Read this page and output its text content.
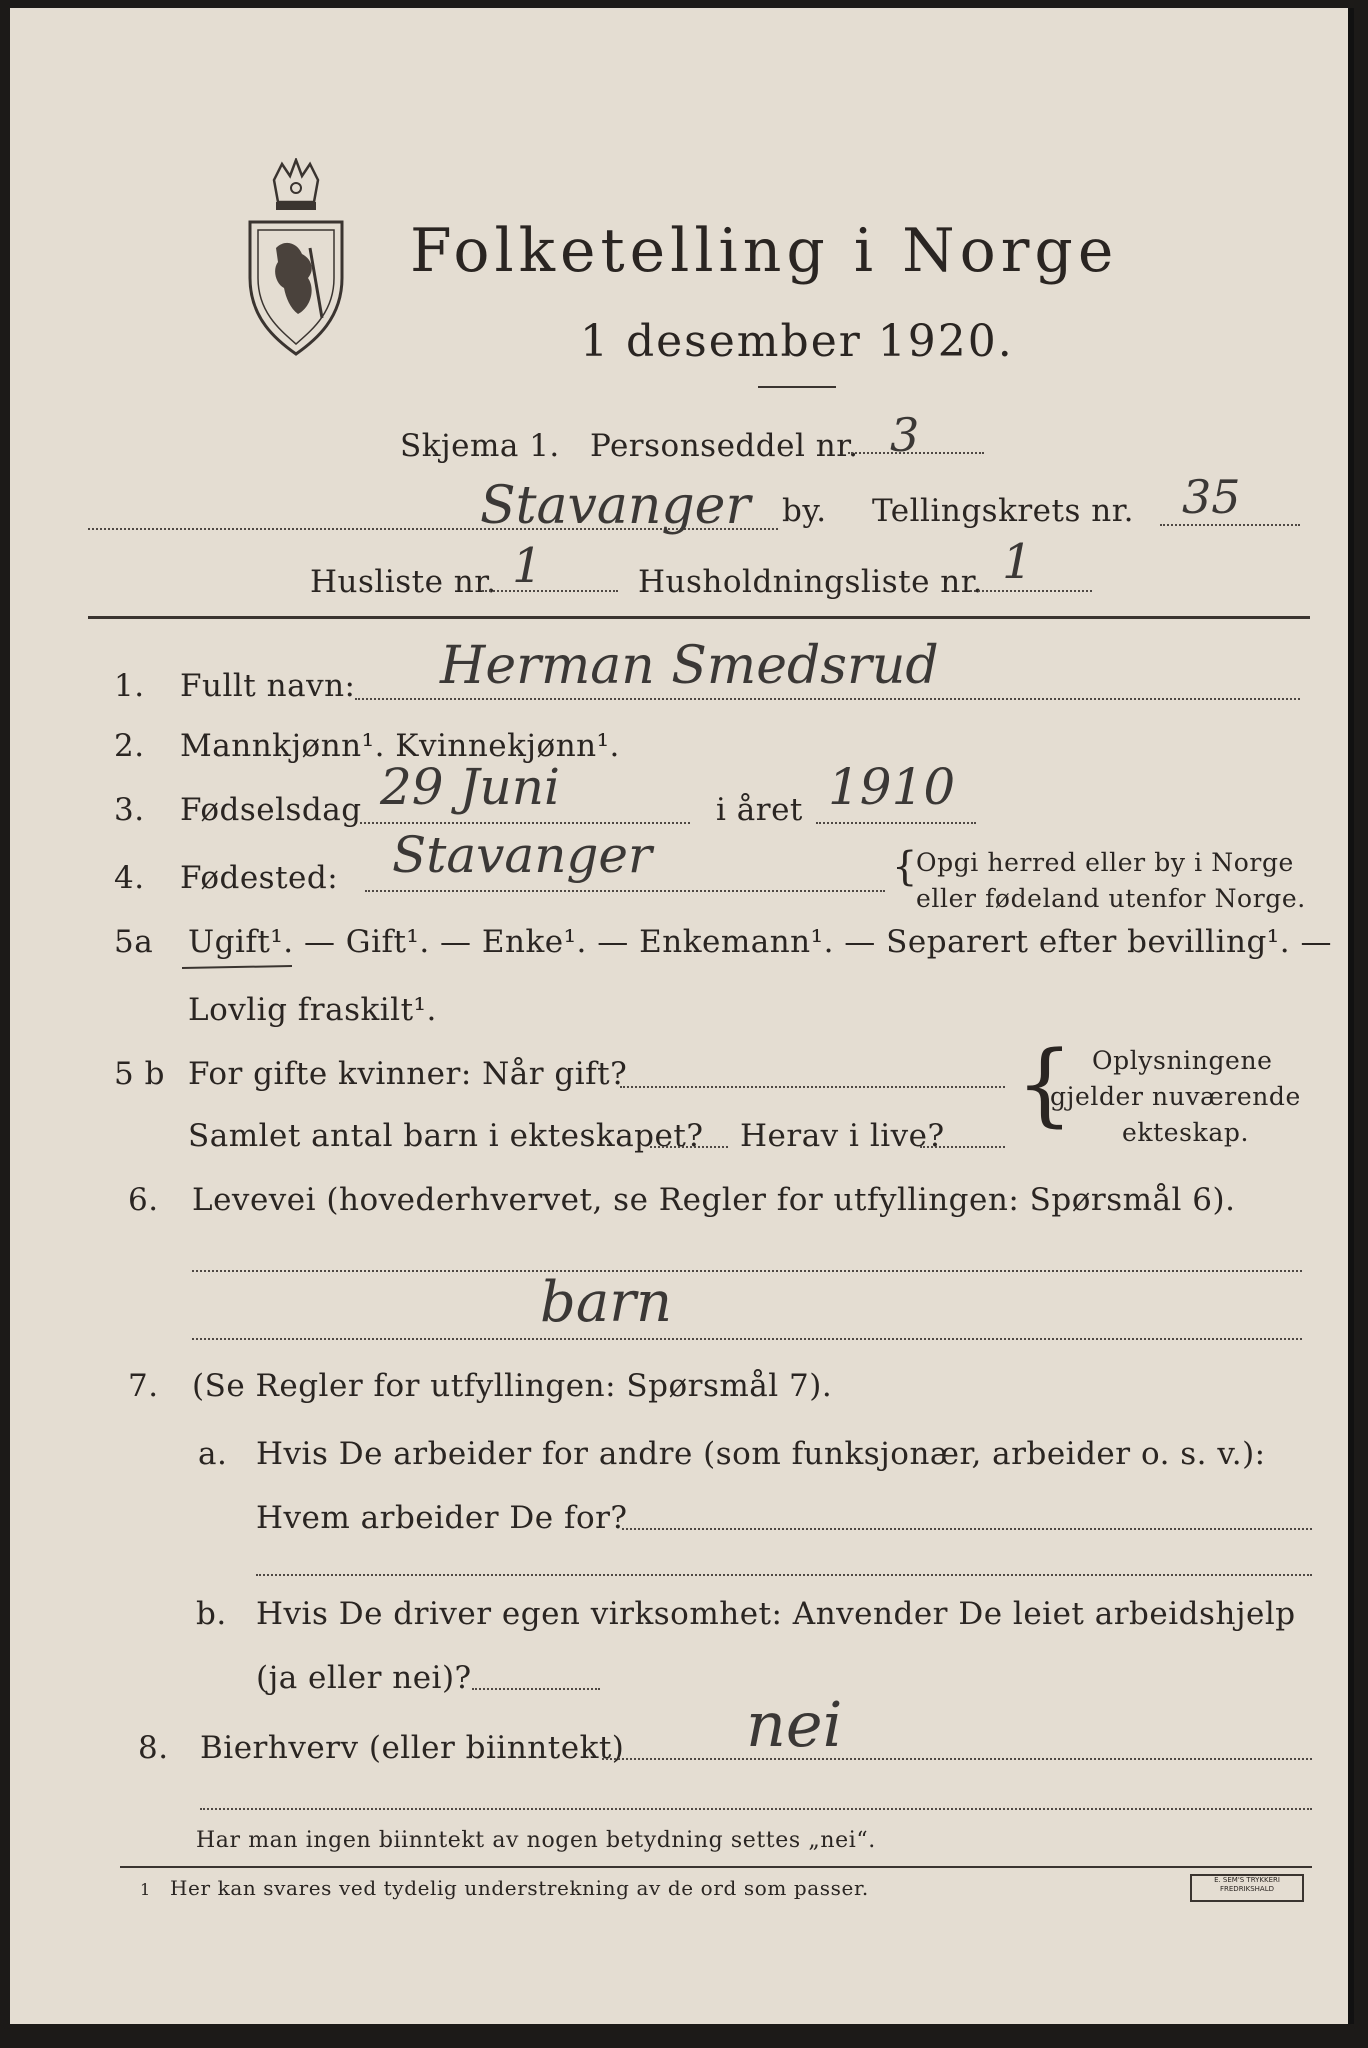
Folketelling i Norge
1 desember 1920.
Skjema 1. Personseddel nr. 3
Stavanger by. Tellingskrets nr. 35
Husliste nr. 1	Husholdningsliste nr. 1
1. Fullt navn: Herman Smedsrud
2. Mannkjønn¹. Kvinnekjønn¹.
3. Fødselsdag 29 Juni	i året 1910
4. Fødested: Stavanger	{
Opgi herred eller by i Norge
eller fødeland utenfor Norge.
5a Ugift¹. — Gift¹. — Enke¹. — Enkemann¹. — Separert efter bevilling¹. —
Lovlig fraskilt¹.
5 b For gifte kvinner: Når gift?
Samlet antal barn i ekteskapet? Herav i live? { Oplysningene
gjelder nuværende
ekteskap.
6. Levevei (hovederhvervet, se Regler for utfyllingen: Spørsmål 6).
barn
7. (Se Regler for utfyllingen: Spørsmål 7).
a. Hvis De arbeider for andre (som funksjonær, arbeider o. s. v.):
Hvem arbeider De for?
b. Hvis De driver egen virksomhet: Anvender De leiet arbeidshjelp
(ja eller nei)?
8. Bierhverv (eller biinntekt) nei
Har man ingen biinntekt av nogen betydning settes „nei“.
1 Her kan svares ved tydelig understrekning av de ord som passer.	E. SEM'S TRYKKERI FREDRIKSHALD
